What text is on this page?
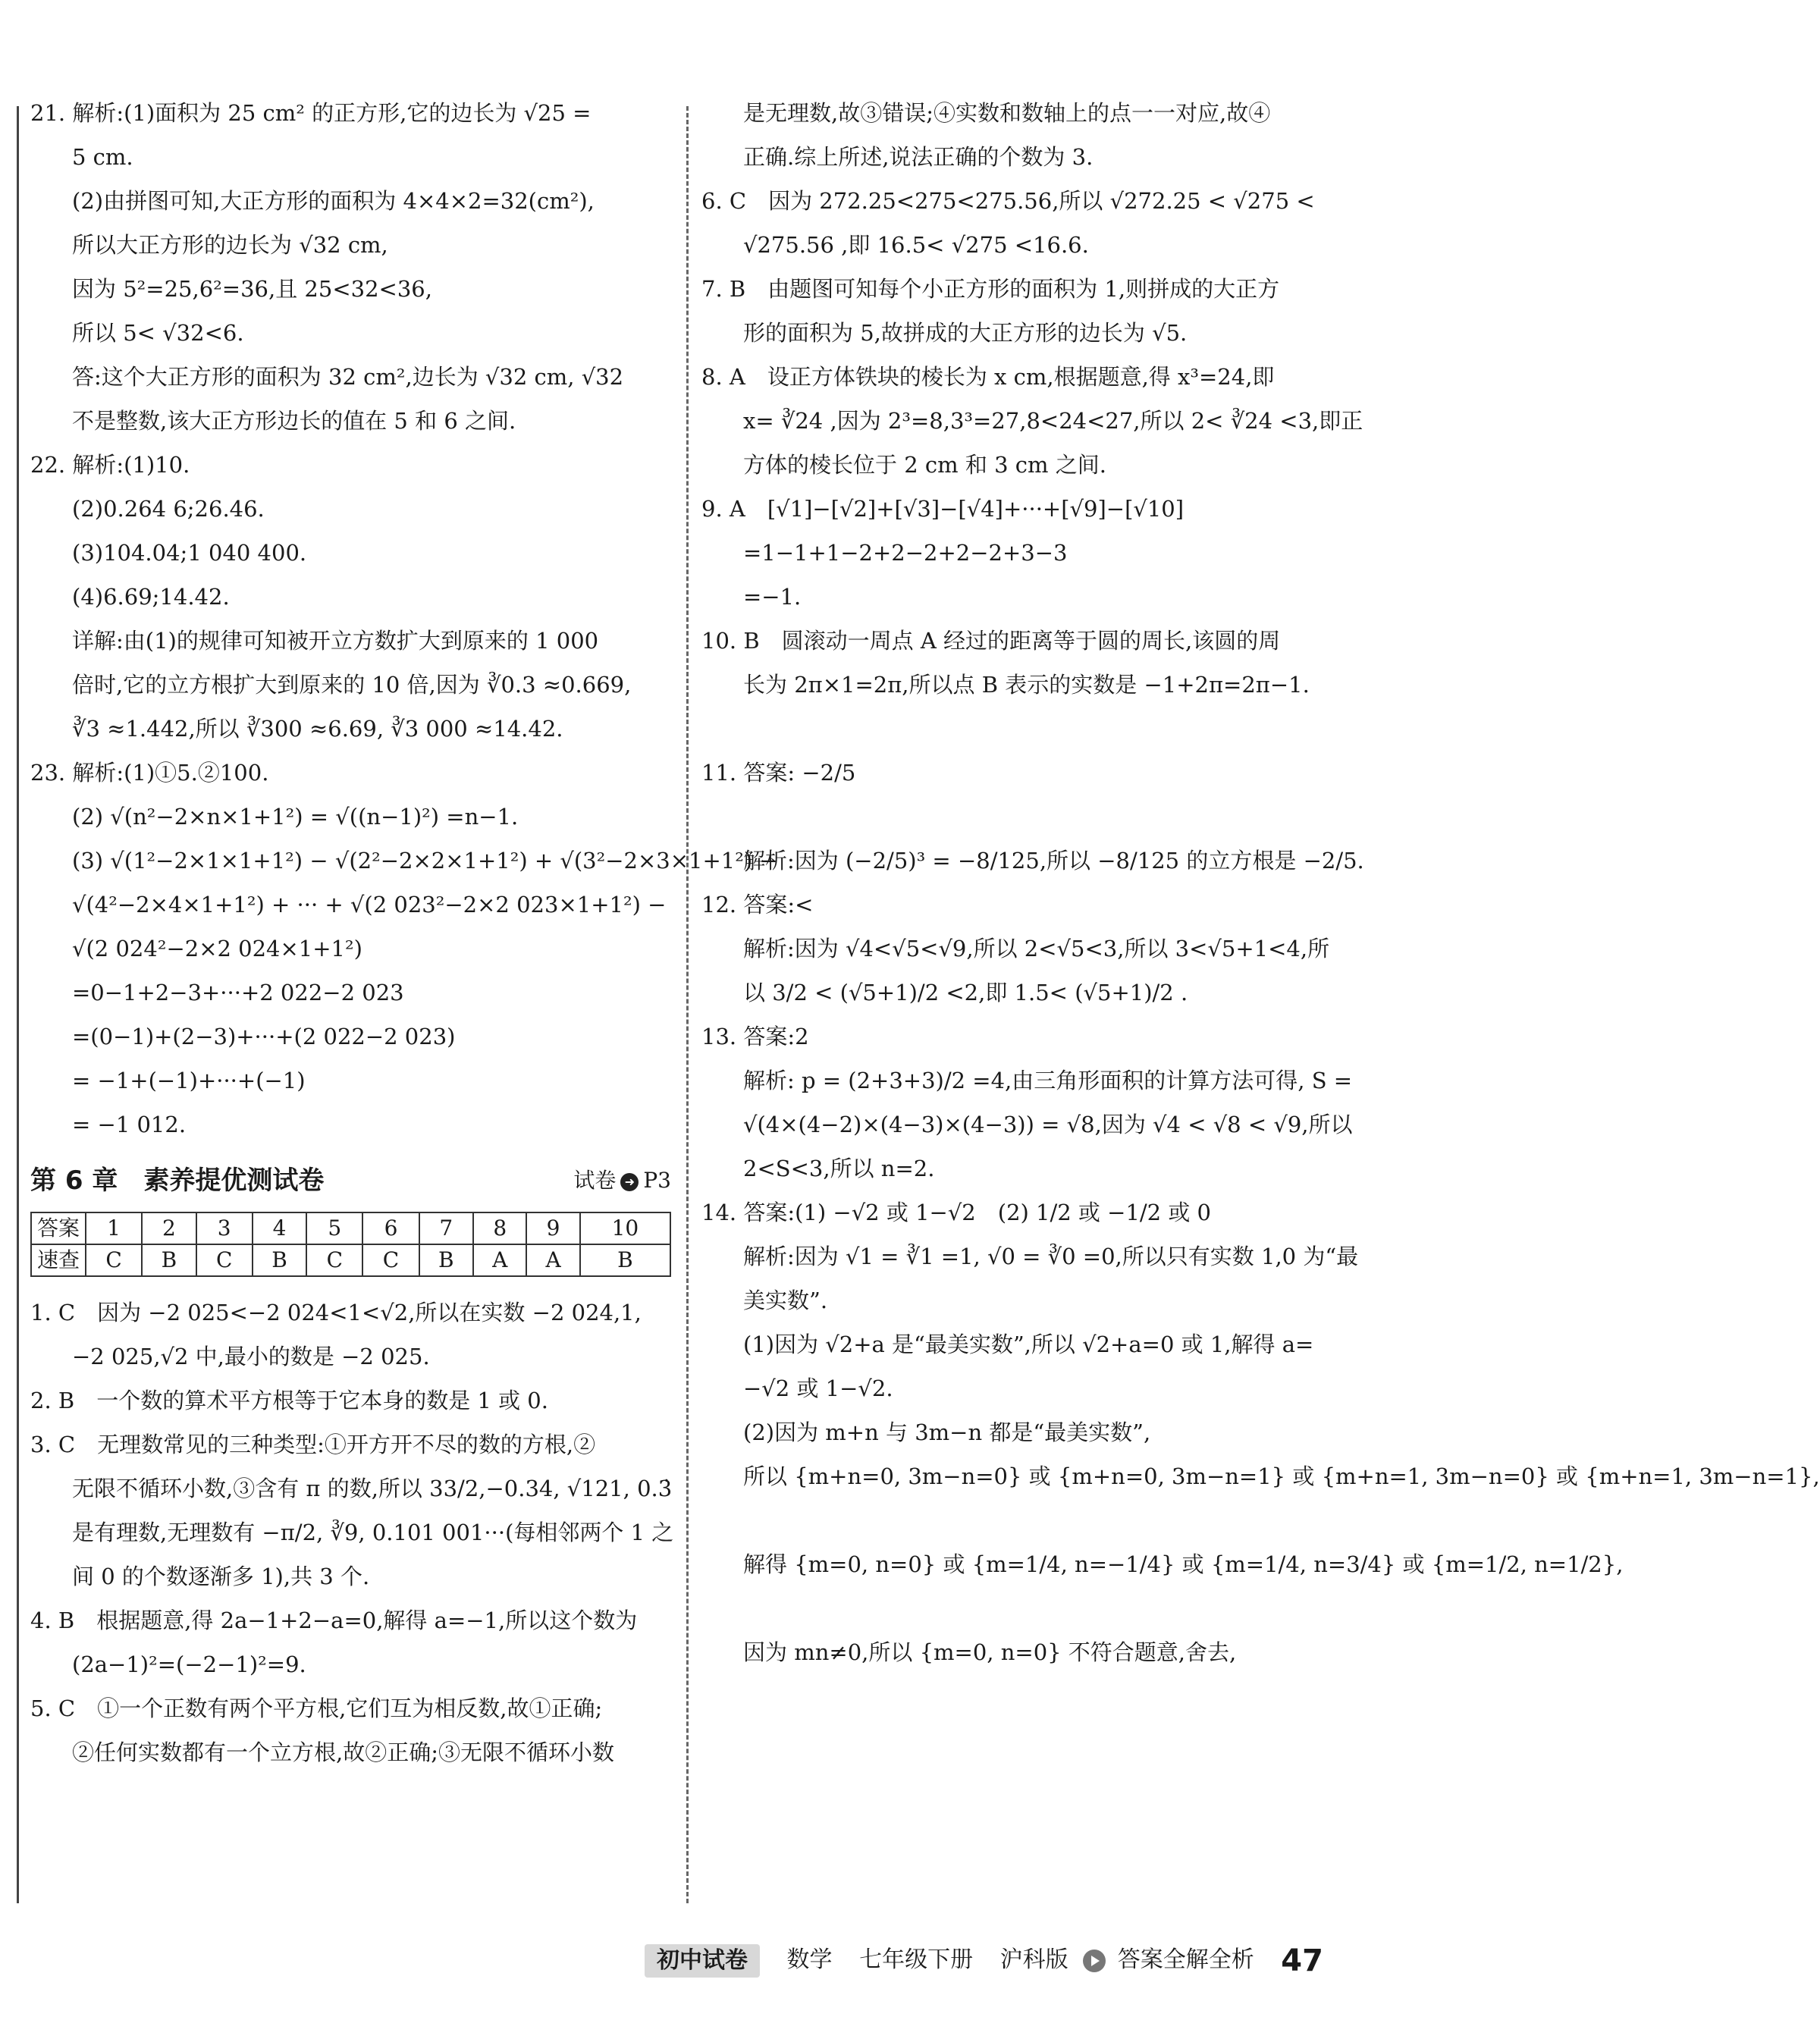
21. 解析:(1)面积为 25 cm² 的正方形,它的边长为 √25 =
5 cm.
(2)由拼图可知,大正方形的面积为 4×4×2=32(cm²),
所以大正方形的边长为 √32 cm,
因为 5²=25,6²=36,且 25<32<36,
所以 5< √32<6.
答:这个大正方形的面积为 32 cm²,边长为 √32 cm, √32
不是整数,该大正方形边长的值在 5 和 6 之间.
22. 解析:(1)10.
(2)0.264 6;26.46.
(3)104.04;1 040 400.
(4)6.69;14.42.
详解:由(1)的规律可知被开立方数扩大到原来的 1 000
倍时,它的立方根扩大到原来的 10 倍,因为 ∛0.3 ≈0.669,
∛3 ≈1.442,所以 ∛300 ≈6.69, ∛3 000 ≈14.42.
23. 解析:(1)①5.②100.
(2) √(n²−2×n×1+1²) = √((n−1)²) =n−1.
(3) √(1²−2×1×1+1²) − √(2²−2×2×1+1²) + √(3²−2×3×1+1²) −
√(4²−2×4×1+1²) + ··· + √(2 023²−2×2 023×1+1²) −
√(2 024²−2×2 024×1+1²)
=0−1+2−3+···+2 022−2 023
=(0−1)+(2−3)+···+(2 022−2 023)
= −1+(−1)+···+(−1)
= −1 012.
第 6 章　素养提优测试卷	试卷 ➜ P3
答案	1	2	3	4	5	6	7	8	9	10
速查	C	B	C	B	C	C	B	A	A	B
1. C　因为 −2 025<−2 024<1<√2,所以在实数 −2 024,1,
−2 025,√2 中,最小的数是 −2 025.
2. B　一个数的算术平方根等于它本身的数是 1 或 0.
3. C　无理数常见的三种类型:①开方开不尽的数的方根,②
无限不循环小数,③含有 π 的数,所以 33/2,−0.34, √121, 0.3̇
是有理数,无理数有 −π/2, ∛9, 0.101 001···(每相邻两个 1 之
间 0 的个数逐渐多 1),共 3 个.
4. B　根据题意,得 2a−1+2−a=0,解得 a=−1,所以这个数为
(2a−1)²=(−2−1)²=9.
5. C　①一个正数有两个平方根,它们互为相反数,故①正确;
②任何实数都有一个立方根,故②正确;③无限不循环小数
是无理数,故③错误;④实数和数轴上的点一一对应,故④
正确.综上所述,说法正确的个数为 3.
6. C　因为 272.25<275<275.56,所以 √272.25 < √275 <
√275.56 ,即 16.5< √275 <16.6.
7. B　由题图可知每个小正方形的面积为 1,则拼成的大正方
形的面积为 5,故拼成的大正方形的边长为 √5.
8. A　设正方体铁块的棱长为 x cm,根据题意,得 x³=24,即
x= ∛24 ,因为 2³=8,3³=27,8<24<27,所以 2< ∛24 <3,即正
方体的棱长位于 2 cm 和 3 cm 之间.
9. A　[√1]−[√2]+[√3]−[√4]+···+[√9]−[√10]
=1−1+1−2+2−2+2−2+3−3
=−1.
10. B　圆滚动一周点 A 经过的距离等于圆的周长,该圆的周
长为 2π×1=2π,所以点 B 表示的实数是 −1+2π=2π−1.
11. 答案: −2/5
解析:因为 (−2/5)³ = −8/125,所以 −8/125 的立方根是 −2/5.
12. 答案:<
解析:因为 √4<√5<√9,所以 2<√5<3,所以 3<√5+1<4,所
以 3/2 < (√5+1)/2 <2,即 1.5< (√5+1)/2 .
13. 答案:2
解析: p = (2+3+3)/2 =4,由三角形面积的计算方法可得, S =
√(4×(4−2)×(4−3)×(4−3)) = √8,因为 √4 < √8 < √9,所以
2<S<3,所以 n=2.
14. 答案:(1) −√2 或 1−√2　(2) 1/2 或 −1/2 或 0
解析:因为 √1 = ∛1 =1, √0 = ∛0 =0,所以只有实数 1,0 为“最
美实数”.
(1)因为 √2+a 是“最美实数”,所以 √2+a=0 或 1,解得 a=
−√2 或 1−√2.
(2)因为 m+n 与 3m−n 都是“最美实数”,
所以 {m+n=0, 3m−n=0} 或 {m+n=0, 3m−n=1} 或 {m+n=1, 3m−n=0} 或 {m+n=1, 3m−n=1},
解得 {m=0, n=0} 或 {m=1/4, n=−1/4} 或 {m=1/4, n=3/4} 或 {m=1/2, n=1/2},
因为 mn≠0,所以 {m=0, n=0} 不符合题意,舍去,
初中试卷 数学 七年级下册 沪科版 答案全解全析 47
